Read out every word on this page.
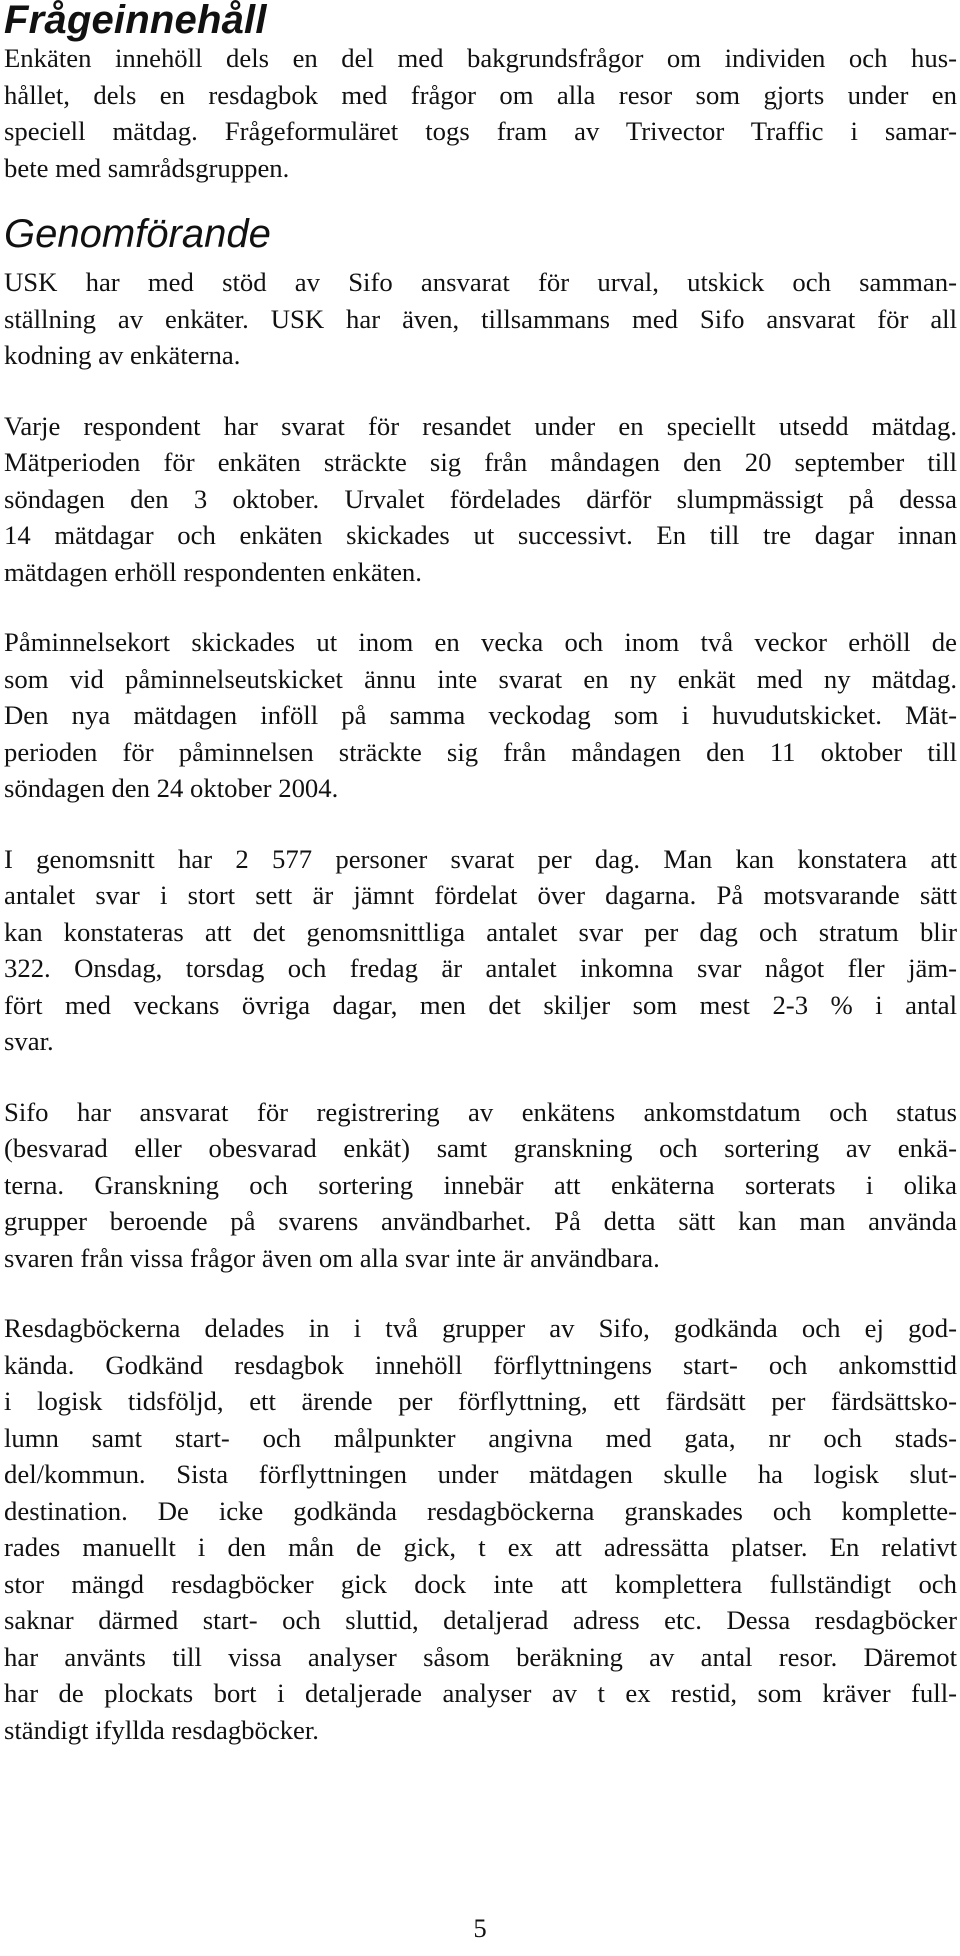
Frågeinnehåll
Enkäten innehöll dels en del med bakgrundsfrågor om individen och hus-
hållet, dels en resdagbok med frågor om alla resor som gjorts under en
speciell mätdag. Frågeformuläret togs fram av Trivector Traffic i samar-
bete med samrådsgruppen.
Genomförande
USK har med stöd av Sifo ansvarat för urval, utskick och samman-
ställning av enkäter. USK har även, tillsammans med Sifo ansvarat för all
kodning av enkäterna.
Varje respondent har svarat för resandet under en speciellt utsedd mätdag.
Mätperioden för enkäten sträckte sig från måndagen den 20 september till
söndagen den 3 oktober. Urvalet fördelades därför slumpmässigt på dessa
14 mätdagar och enkäten skickades ut successivt. En till tre dagar innan
mätdagen erhöll respondenten enkäten.
Påminnelsekort skickades ut inom en vecka och inom två veckor erhöll de
som vid påminnelseutskicket ännu inte svarat en ny enkät med ny mätdag.
Den nya mätdagen inföll på samma veckodag som i huvudutskicket. Mät-
perioden för påminnelsen sträckte sig från måndagen den 11 oktober till
söndagen den 24 oktober 2004.
I genomsnitt har 2 577 personer svarat per dag. Man kan konstatera att
antalet svar i stort sett är jämnt fördelat över dagarna. På motsvarande sätt
kan konstateras att det genomsnittliga antalet svar per dag och stratum blir
322. Onsdag, torsdag och fredag är antalet inkomna svar något fler jäm-
fört med veckans övriga dagar, men det skiljer som mest 2-3 % i antal
svar.
Sifo har ansvarat för registrering av enkätens ankomstdatum och status
(besvarad eller obesvarad enkät) samt granskning och sortering av enkä-
terna. Granskning och sortering innebär att enkäterna sorterats i olika
grupper beroende på svarens användbarhet. På detta sätt kan man använda
svaren från vissa frågor även om alla svar inte är användbara.
Resdagböckerna delades in i två grupper av Sifo, godkända och ej god-
kända. Godkänd resdagbok innehöll förflyttningens start- och ankomsttid
i logisk tidsföljd, ett ärende per förflyttning, ett färdsätt per färdsättsko-
lumn samt start- och målpunkter angivna med gata, nr och stads-
del/kommun. Sista förflyttningen under mätdagen skulle ha logisk slut-
destination. De icke godkända resdagböckerna granskades och komplette-
rades manuellt i den mån de gick, t ex att adressätta platser. En relativt
stor mängd resdagböcker gick dock inte att komplettera fullständigt och
saknar därmed start- och sluttid, detaljerad adress etc. Dessa resdagböcker
har använts till vissa analyser såsom beräkning av antal resor. Däremot
har de plockats bort i detaljerade analyser av t ex restid, som kräver full-
ständigt ifyllda resdagböcker.
5
